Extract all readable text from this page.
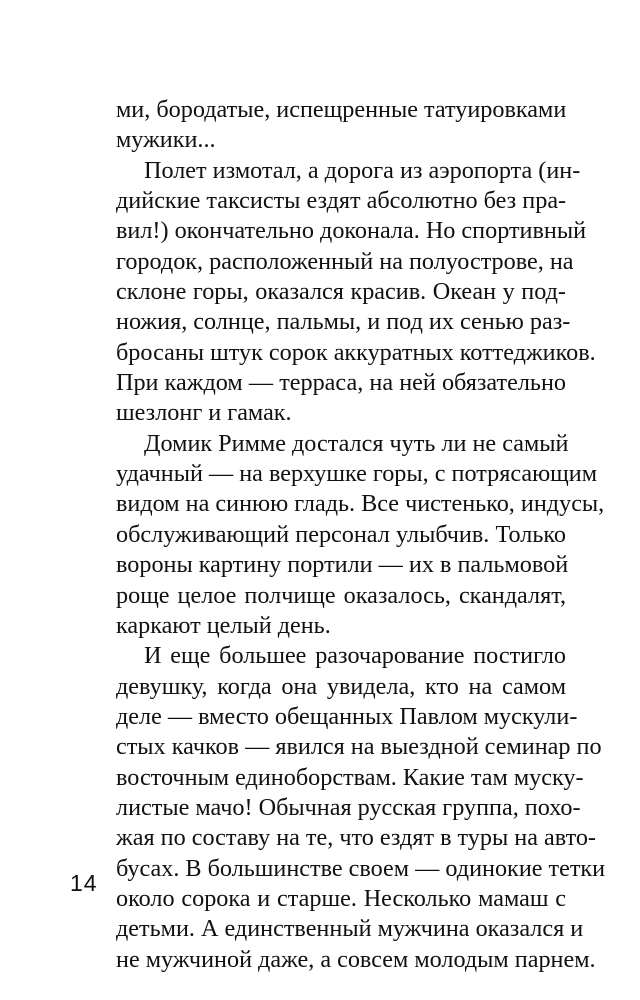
ми, бородатые, испещренные татуировками
мужики...
Полет измотал, а дорога из аэропорта (ин-
дийские таксисты ездят абсолютно без пра-
вил!) окончательно доконала. Но спортивный
городок, расположенный на полуострове, на
склоне горы, оказался красив. Океан у под-
ножия, солнце, пальмы, и под их сенью раз-
бросаны штук сорок аккуратных коттеджиков.
При каждом — терраса, на ней обязательно
шезлонг и гамак.
Домик Римме достался чуть ли не самый
удачный — на верхушке горы, с потрясающим
видом на синюю гладь. Все чистенько, индусы,
обслуживающий персонал улыбчив. Только
вороны картину портили — их в пальмовой
роще целое полчище оказалось, скандалят,
каркают целый день.
И еще большее разочарование постигло
девушку, когда она увидела, кто на самом
деле — вместо обещанных Павлом мускули-
стых качков — явился на выездной семинар по
восточным единоборствам. Какие там муску-
листые мачо! Обычная русская группа, похо-
жая по составу на те, что ездят в туры на авто-
бусах. В большинстве своем — одинокие тетки
около сорока и старше. Несколько мамаш с
детьми. А единственный мужчина оказался и
не мужчиной даже, а совсем молодым парнем.
14
